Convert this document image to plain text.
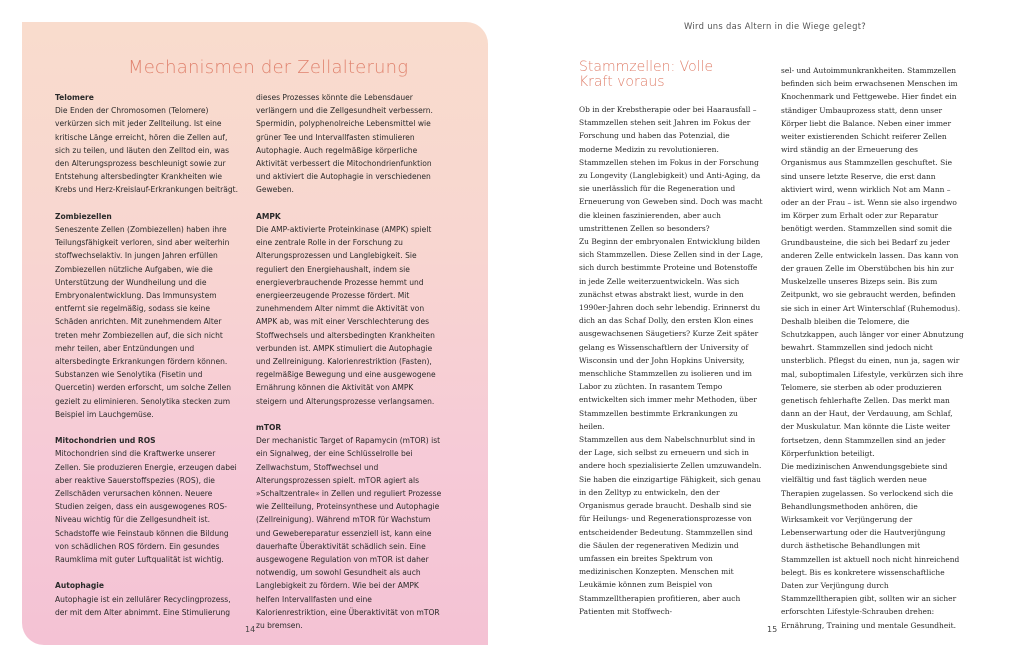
Mechanismen der Zellalterung
Telomere
Die Enden der Chromosomen (Telomere) verkürzen sich mit jeder Zellteilung. Ist eine kritische Länge erreicht, hören die Zellen auf, sich zu teilen, und läuten den Zelltod ein, was den Alterungsprozess beschleunigt sowie zur Entstehung altersbedingter Krankheiten wie Krebs und Herz-Kreislauf-Erkrankungen beiträgt.
Zombiezellen
Seneszente Zellen (Zombiezellen) haben ihre Teilungsfähigkeit verloren, sind aber weiterhin stoffwechselaktiv. In jungen Jahren erfüllen Zombiezellen nützliche Aufgaben, wie die Unterstützung der Wundheilung und die Embryonalentwicklung. Das Immunsystem entfernt sie regelmäßig, sodass sie keine Schäden anrichten. Mit zunehmendem Alter treten mehr Zombiezellen auf, die sich nicht mehr teilen, aber Entzündungen und altersbedingte Erkrankungen fördern können. Substanzen wie Senolytika (Fisetin und Quercetin) werden erforscht, um solche Zellen gezielt zu eliminieren. Senolytika stecken zum Beispiel im Lauchgemüse.
Mitochondrien und ROS
Mitochondrien sind die Kraftwerke unserer Zellen. Sie produzieren Energie, erzeugen dabei aber reaktive Sauerstoffspezies (ROS), die Zellschäden verursachen können. Neuere Studien zeigen, dass ein ausgewogenes ROS-Niveau wichtig für die Zellgesundheit ist. Schadstoffe wie Feinstaub können die Bildung von schädlichen ROS fördern. Ein gesundes Raumklima mit guter Luftqualität ist wichtig.
Autophagie
Autophagie ist ein zellulärer Recyclingprozess, der mit dem Alter abnimmt. Eine Stimulierung
dieses Prozesses könnte die Lebensdauer verlängern und die Zellgesundheit verbessern. Spermidin, polyphenolreiche Lebensmittel wie grüner Tee und Intervallfasten stimulieren Autophagie. Auch regelmäßige körperliche Aktivität verbessert die Mitochondrienfunktion und aktiviert die Autophagie in verschiedenen Geweben.
AMPK
Die AMP-aktivierte Proteinkinase (AMPK) spielt eine zentrale Rolle in der Forschung zu Alterungsprozessen und Langlebigkeit. Sie reguliert den Energiehaushalt, indem sie energieverbrauchende Prozesse hemmt und energieerzeugende Prozesse fördert. Mit zunehmendem Alter nimmt die Aktivität von AMPK ab, was mit einer Verschlechterung des Stoffwechsels und altersbedingten Krankheiten verbunden ist. AMPK stimuliert die Autophagie und Zellreinigung. Kalorienrestriktion (Fasten), regelmäßige Bewegung und eine ausgewogene Ernährung können die Aktivität von AMPK steigern und Alterungsprozesse verlangsamen.
mTOR
Der mechanistic Target of Rapamycin (mTOR) ist ein Signalweg, der eine Schlüsselrolle bei Zellwachstum, Stoffwechsel und Alterungsprozessen spielt. mTOR agiert als »Schaltzentrale« in Zellen und reguliert Prozesse wie Zellteilung, Proteinsynthese und Autophagie (Zellreinigung). Während mTOR für Wachstum und Gewebereparatur essenziell ist, kann eine dauerhafte Überaktivität schädlich sein. Eine ausgewogene Regulation von mTOR ist daher notwendig, um sowohl Gesundheit als auch Langlebigkeit zu fördern. Wie bei der AMPK helfen Intervallfasten und eine Kalorienrestriktion, eine Überaktivität von mTOR zu bremsen.
14
Wird uns das Altern in die Wiege gelegt?
Stammzellen: Volle
Kraft voraus
Ob in der Krebstherapie oder bei Haarausfall – Stammzellen stehen seit Jahren im Fokus der Forschung und haben das Potenzial, die moderne Medizin zu revolutionieren. Stammzellen stehen im Fokus in der Forschung zu Longevity (Langlebigkeit) und Anti-Aging, da sie unerlässlich für die Regeneration und Erneuerung von Geweben sind. Doch was macht die kleinen faszinierenden, aber auch umstrittenen Zellen so besonders?
Zu Beginn der embryonalen Entwicklung bilden sich Stammzellen. Diese Zellen sind in der Lage, sich durch bestimmte Proteine und Botenstoffe in jede Zelle weiterzuentwickeln. Was sich zunächst etwas abstrakt liest, wurde in den 1990er-Jahren doch sehr lebendig. Erinnerst du dich an das Schaf Dolly, den ersten Klon eines ausgewachsenen Säugetiers? Kurze Zeit später gelang es Wissenschaftlern der University of Wisconsin und der John Hopkins University, menschliche Stammzellen zu isolieren und im Labor zu züchten. In rasantem Tempo entwickelten sich immer mehr Methoden, über Stammzellen bestimmte Erkrankungen zu heilen.
Stammzellen aus dem Nabelschnurblut sind in der Lage, sich selbst zu erneuern und sich in andere hoch spezialisierte Zellen umzuwandeln. Sie haben die einzigartige Fähigkeit, sich genau in den Zelltyp zu entwickeln, den der Organismus gerade braucht. Deshalb sind sie für Heilungs- und Regenerationsprozesse von entscheidender Bedeutung. Stammzellen sind die Säulen der regenerativen Medizin und umfassen ein breites Spektrum von medizinischen Konzepten. Menschen mit Leukämie können zum Beispiel von Stammzelltherapien profitieren, aber auch Patienten mit Stoffwech-
sel- und Autoimmunkrankheiten. Stammzellen befinden sich beim erwachsenen Menschen im Knochenmark und Fettgewebe. Hier findet ein ständiger Umbauprozess statt, denn unser Körper liebt die Balance. Neben einer immer weiter existierenden Schicht reiferer Zellen wird ständig an der Erneuerung des Organismus aus Stammzellen geschuftet. Sie sind unsere letzte Reserve, die erst dann aktiviert wird, wenn wirklich Not am Mann – oder an der Frau – ist. Wenn sie also irgendwo im Körper zum Erhalt oder zur Reparatur benötigt werden. Stammzellen sind somit die Grundbausteine, die sich bei Bedarf zu jeder anderen Zelle entwickeln lassen. Das kann von der grauen Zelle im Oberstübchen bis hin zur Muskelzelle unseres Bizeps sein. Bis zum Zeitpunkt, wo sie gebraucht werden, befinden sie sich in einer Art Winterschlaf (Ruhemodus). Deshalb bleiben die Telomere, die Schutzkappen, auch länger vor einer Abnutzung bewahrt. Stammzellen sind jedoch nicht unsterblich. Pflegst du einen, nun ja, sagen wir mal, suboptimalen Lifestyle, verkürzen sich ihre Telomere, sie sterben ab oder produzieren genetisch fehlerhafte Zellen. Das merkt man dann an der Haut, der Verdauung, am Schlaf, der Muskulatur. Man könnte die Liste weiter fortsetzen, denn Stammzellen sind an jeder Körperfunktion beteiligt.
Die medizinischen Anwendungsgebiete sind vielfältig und fast täglich werden neue Therapien zugelassen. So verlockend sich die Behandlungsmethoden anhören, die Wirksamkeit vor Verjüngerung der Lebenserwartung oder die Hautverjüngung durch ästhetische Behandlungen mit Stammzellen ist aktuell noch nicht hinreichend belegt. Bis es konkretere wissenschaftliche Daten zur Verjüngung durch Stammzelltherapien gibt, sollten wir an sicher erforschten Lifestyle-Schrauben drehen: Ernährung, Training und mentale Gesundheit.
15
